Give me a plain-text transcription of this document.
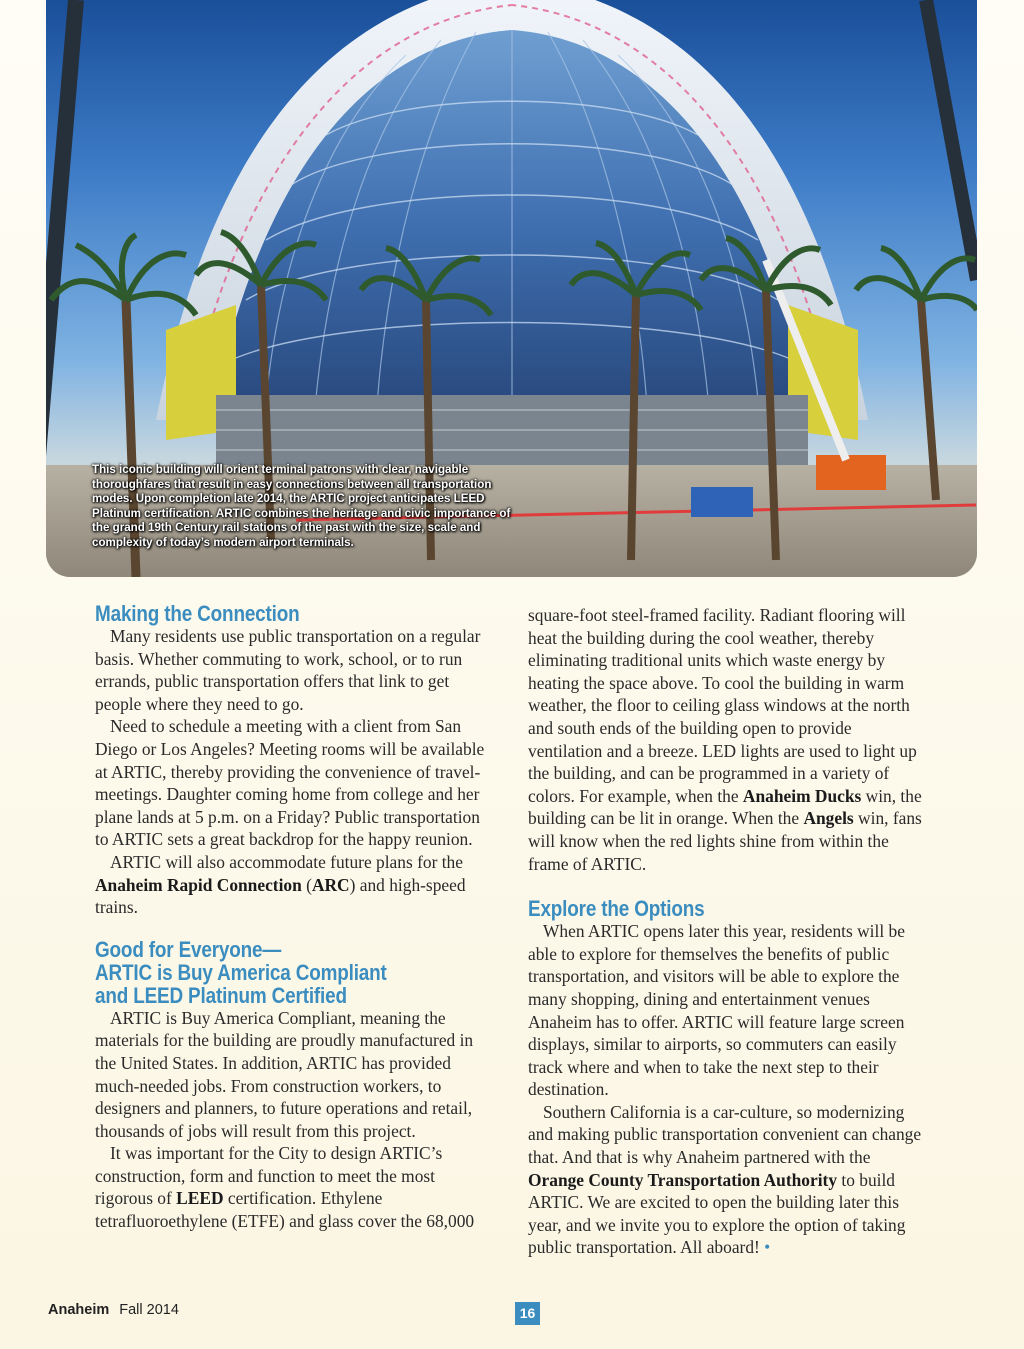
This iconic building will orient terminal patrons with clear, navigable thoroughfares that result in easy connections between all transportation modes. Upon completion late 2014, the ARTIC project anticipates LEED Platinum certification. ARTIC combines the heritage and civic importance of the grand 19th Century rail stations of the past with the size, scale and complexity of today’s modern airport terminals.
Making the Connection

Many residents use public transportation on a regular basis. Whether commuting to work, school, or to run errands, public transportation offers that link to get people where they need to go.

Need to schedule a meeting with a client from San Diego or Los Angeles? Meeting rooms will be available at ARTIC, thereby providing the convenience of travel-meetings. Daughter coming home from college and her plane lands at 5 p.m. on a Friday? Public transportation to ARTIC sets a great backdrop for the happy reunion.

ARTIC will also accommodate future plans for the Anaheim Rapid Connection (ARC) and high-speed trains.

Good for Everyone—
ARTIC is Buy America Compliant
and LEED Platinum Certified

ARTIC is Buy America Compliant, meaning the materials for the building are proudly manufactured in the United States. In addition, ARTIC has provided much-needed jobs. From construction workers, to designers and planners, to future operations and retail, thousands of jobs will result from this project.

It was important for the City to design ARTIC’s construction, form and function to meet the most rigorous of LEED certification. Ethylene tetrafluoroethylene (ETFE) and glass cover the 68,000

square-foot steel-framed facility. Radiant flooring will heat the building during the cool weather, thereby eliminating traditional units which waste energy by heating the space above. To cool the building in warm weather, the floor to ceiling glass windows at the north and south ends of the building open to provide ventilation and a breeze. LED lights are used to light up the building, and can be programmed in a variety of colors. For example, when the Anaheim Ducks win, the building can be lit in orange. When the Angels win, fans will know when the red lights shine from within the frame of ARTIC.

Explore the Options

When ARTIC opens later this year, residents will be able to explore for themselves the benefits of public transportation, and visitors will be able to explore the many shopping, dining and entertainment venues Anaheim has to offer. ARTIC will feature large screen displays, similar to airports, so commuters can easily track where and when to take the next step to their destination.

Southern California is a car-culture, so modernizing and making public transportation convenient can change that. And that is why Anaheim partnered with the Orange County Transportation Authority to build ARTIC. We are excited to open the building later this year, and we invite you to explore the option of taking public transportation. All aboard! •

Anaheim Fall 2014	16
